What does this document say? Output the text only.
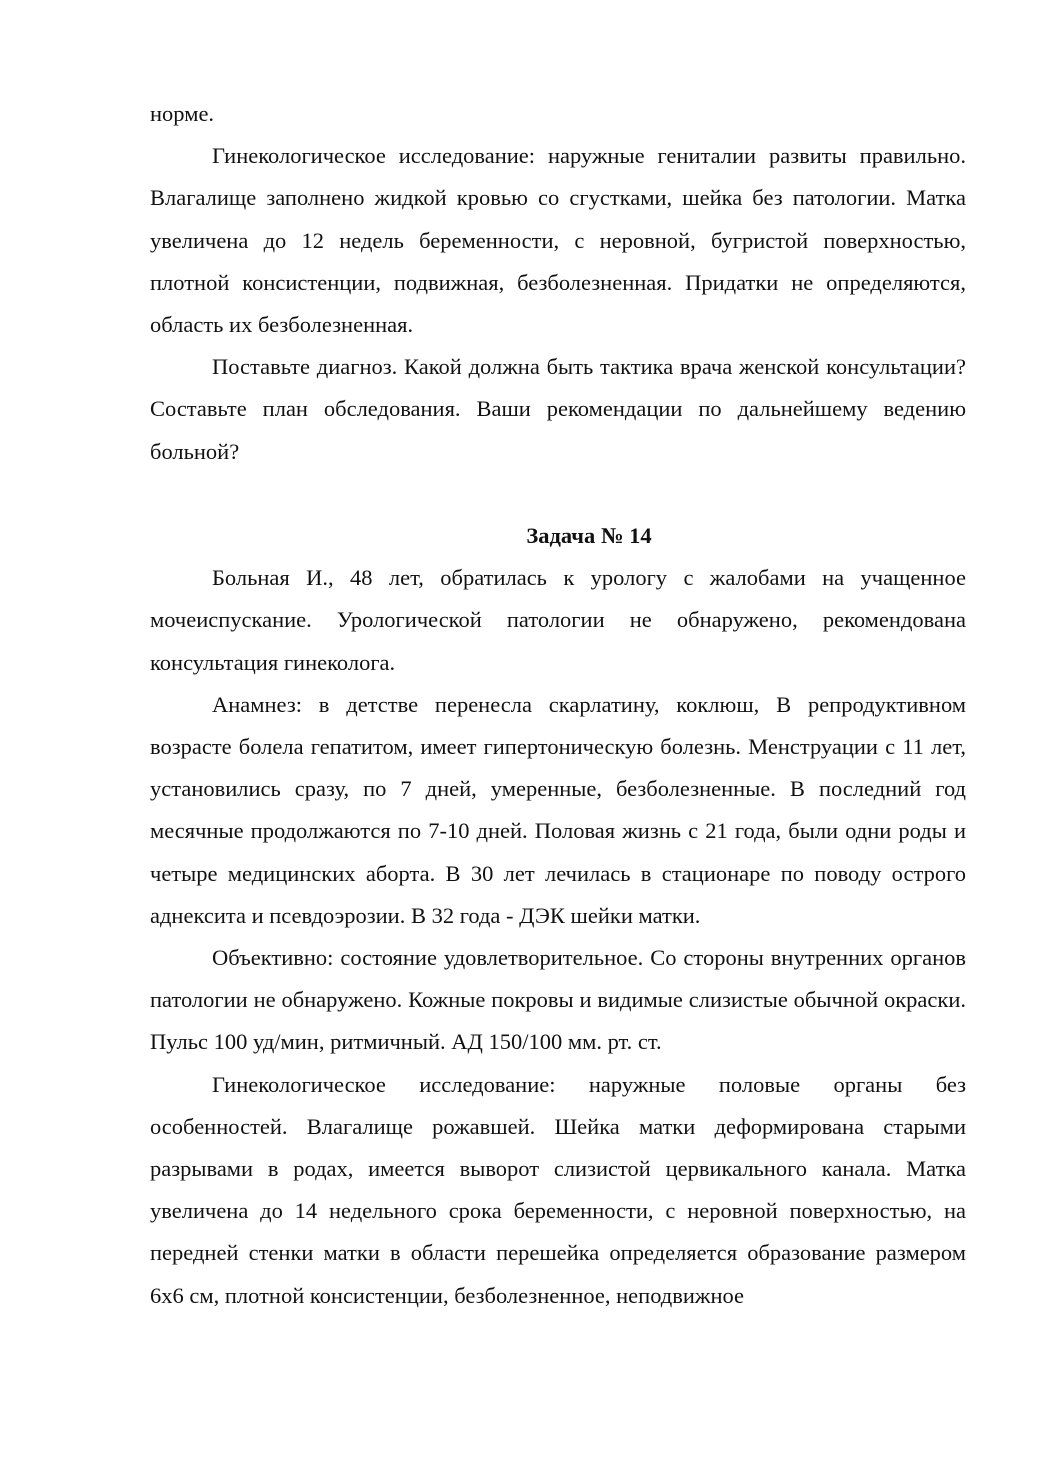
норме.

Гинекологическое исследование: наружные гениталии развиты правильно. Влагалище заполнено жидкой кровью со сгустками, шейка без патологии. Матка увеличена до 12 недель беременности, с неровной, бугристой поверхностью, плотной консистенции, подвижная, безболезненная. Придатки не определяются, область их безболезненная.

Поставьте диагноз. Какой должна быть тактика врача женской консультации? Составьте план обследования. Ваши рекомендации по дальнейшему ведению больной?

Задача № 14

Больная И., 48 лет, обратилась к урологу с жалобами на учащенное мочеиспускание. Урологической патологии не обнаружено, рекомендована консультация гинеколога.

Анамнез: в детстве перенесла скарлатину, коклюш, В репродуктивном возрасте болела гепатитом, имеет гипертоническую болезнь. Менструации с 11 лет, установились сразу, по 7 дней, умеренные, безболезненные. В последний год месячные продолжаются по 7-10 дней. Половая жизнь с 21 года, были одни роды и четыре медицинских аборта. В 30 лет лечилась в стационаре по поводу острого аднексита и псевдоэрозии. В 32 года - ДЭК шейки матки.

Объективно: состояние удовлетворительное. Со стороны внутренних органов патологии не обнаружено. Кожные покровы и видимые слизистые обычной окраски. Пульс 100 уд/мин, ритмичный. АД 150/100 мм. рт. ст.

Гинекологическое исследование: наружные половые органы без особенностей. Влагалище рожавшей. Шейка матки деформирована старыми разрывами в родах, имеется выворот слизистой цервикального канала. Матка увеличена до 14 недельного срока беременности, с неровной поверхностью, на передней стенки матки в области перешейка определяется образование размером 6х6 см, плотной консистенции, безболезненное, неподвижное
